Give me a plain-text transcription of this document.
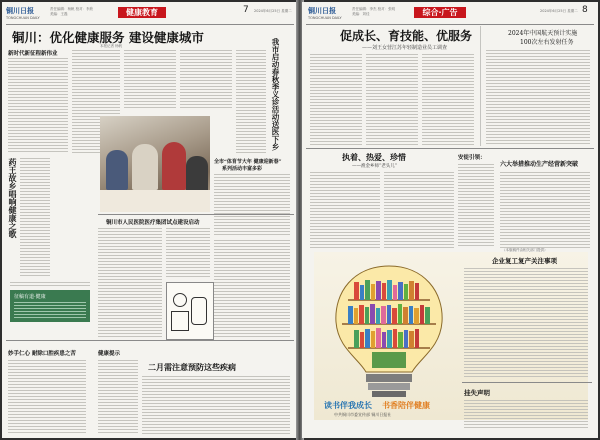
铜川日报
TONGCHUAN DAILY
责任编辑：杨帆 校对：李欣
美编：王磊	健康教育	7 2024年6月25日 星期二
铜川：优化健康服务 建设健康城市
本报记者 杨帆
新时代新征程新伟业	我市启动春秋季义诊活动送医下乡
药王故乡唱响健康之歌	全市“体育节大年 健康迎新春”
系列活动丰富多彩
铜川市人民医院医疗集团试点建设启动
征稿有道·健康
妙手仁心 耐除口腔疾患之苦	健康提示
二月需注意预防这些疾病
铜川日报
TONGCHUAN DAILY
责任编辑：李杰 校对：张明
美编：刘佳	综合·广告	2024年6月25日 星期二 8
促成长、育技能、优服务
——刘王女营江苏年轻制造业员工调查
2024年中国航天预计实施
100次左右发射任务
执着、热爱、珍惜
——渔金乡师“老头儿”
安徒引领：
六大举措推动生产经营新突破
读书伴我成长 书香陪伴健康
中共铜川市委宣传部 铜川日报社
企业复工复产关注事项
挂失声明
（本版稿件由相关部门提供）
